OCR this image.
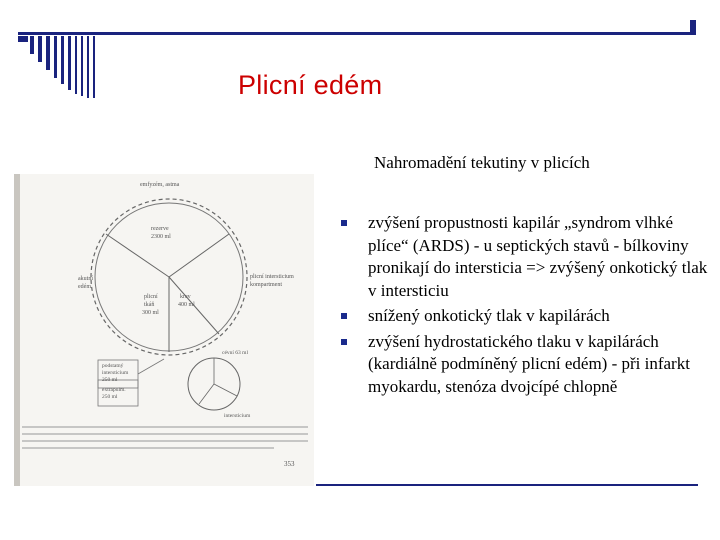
Plicní edém
Nahromadění tekutiny v plicích
emfyzém, astma
rezerve
2300 ml
akutní
edém
plicní intersticium
kompartment
plicní
tkáň
300 ml
krev
400 ml
podstatný
intersticium
250 ml
extrapulm.
250 ml
cévní 63 ml
intersticium
353
zvýšení propustnosti kapilár „syndrom vlhké plíce“ (ARDS) - u septických stavů - bílkoviny pronikají do intersticia => zvýšený onkotický tlak v intersticiu
snížený onkotický tlak v kapilárách
zvýšení hydrostatického tlaku v kapilárách (kardiálně podmíněný plicní edém) - při infarkt myokardu, stenóza dvojcípé chlopně
